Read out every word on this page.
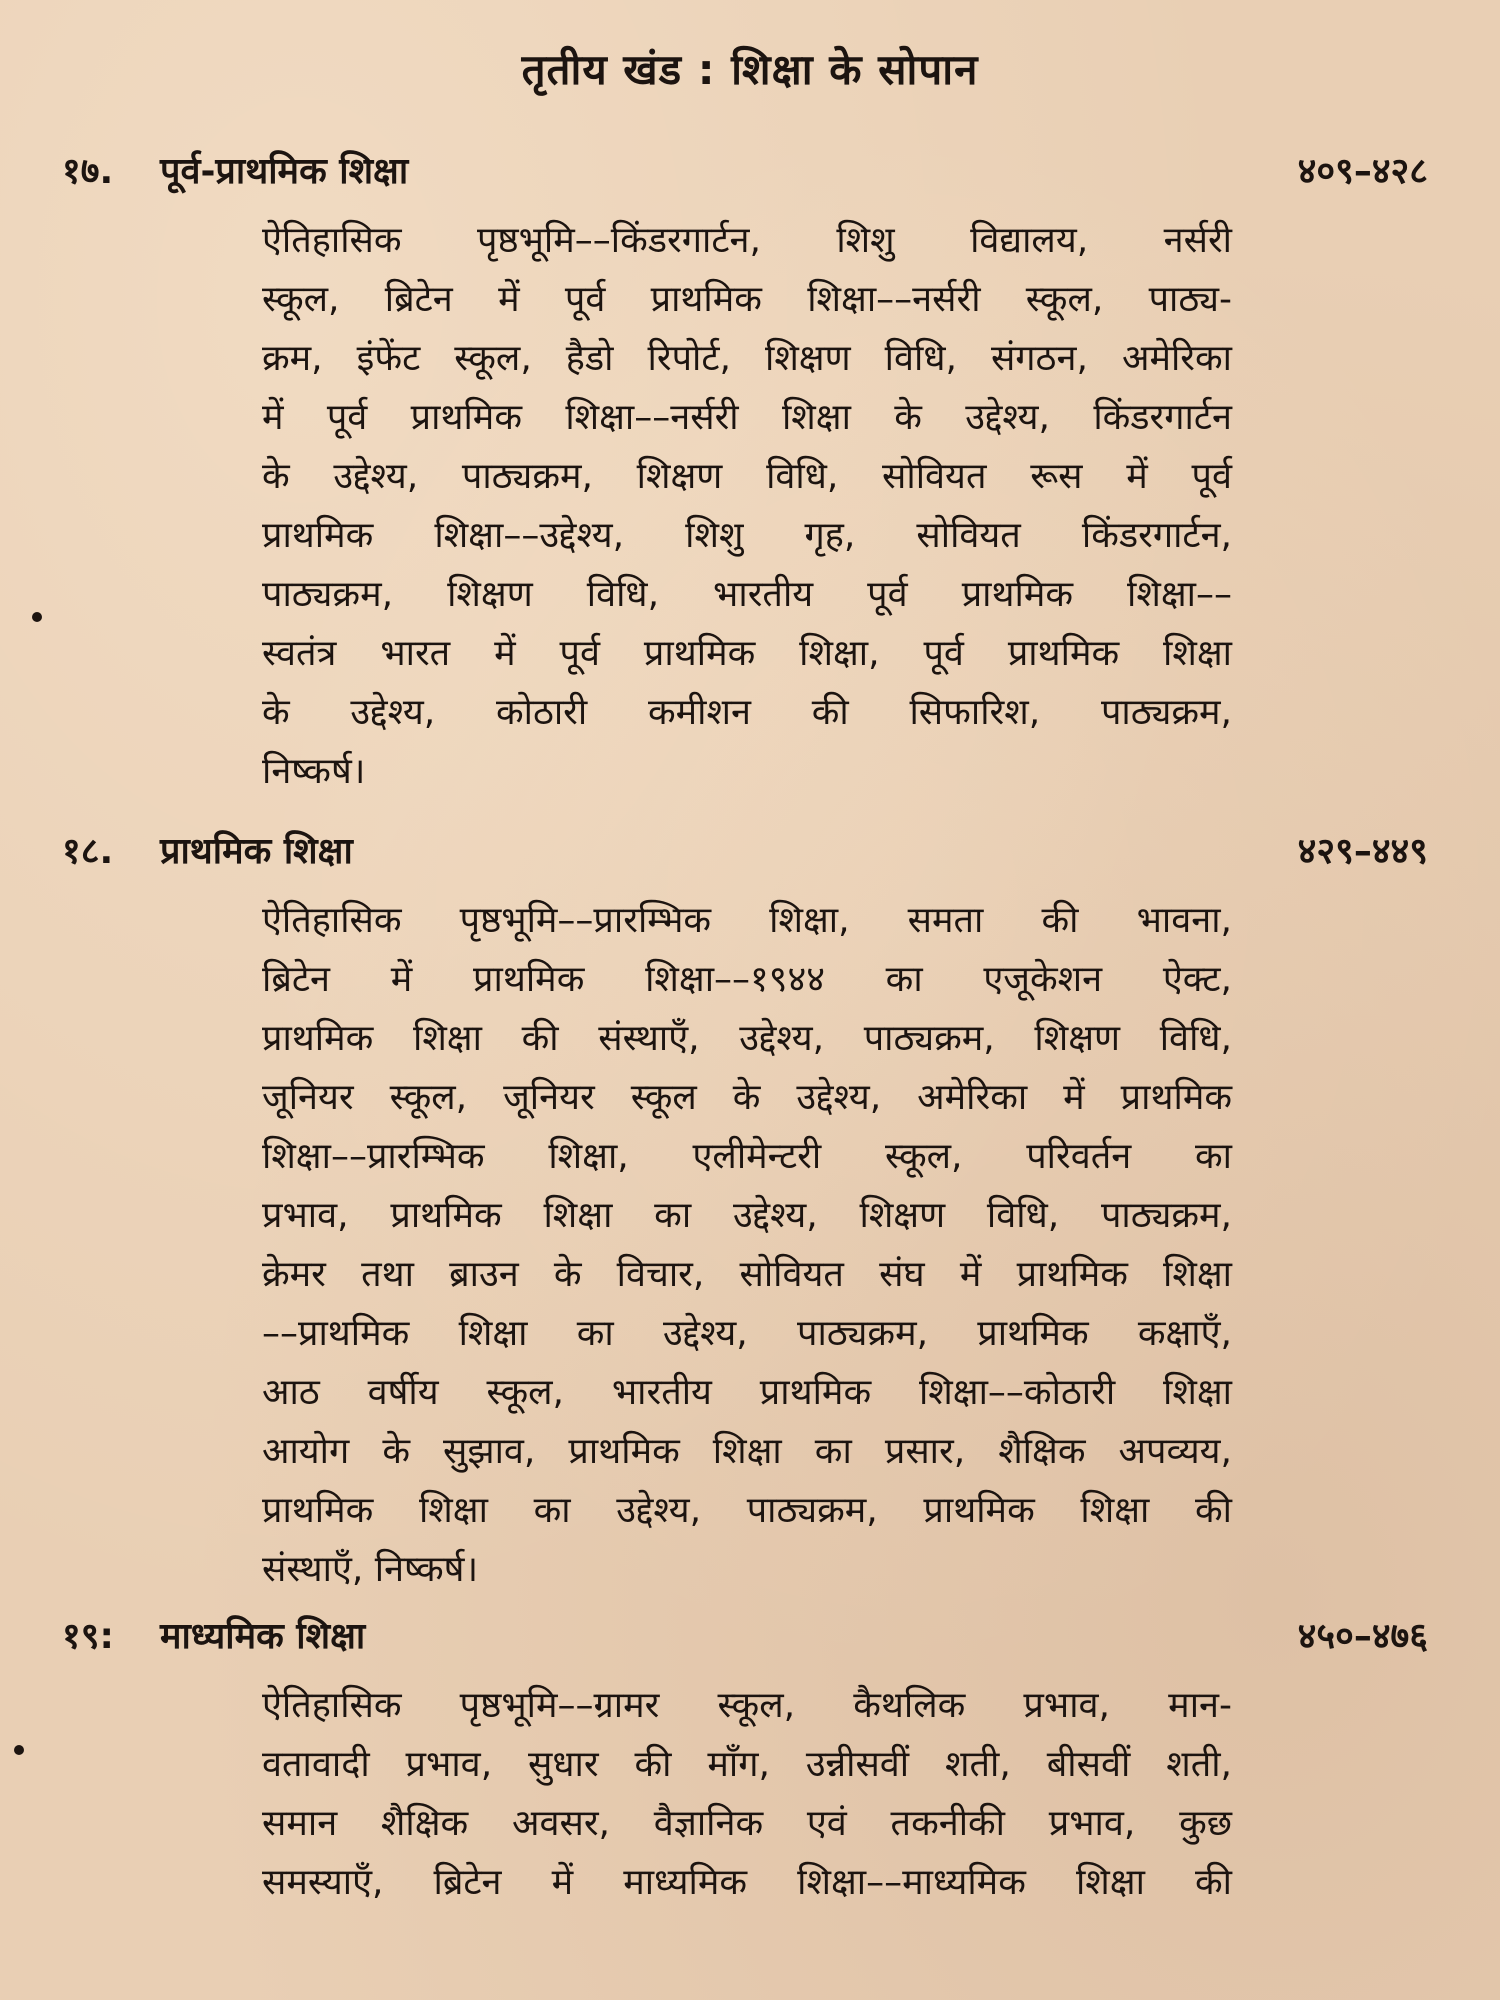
तृतीय खंड : शिक्षा के सोपान
१७. पूर्व-प्राथमिक शिक्षा	४०९–४२८
ऐतिहासिक पृष्ठभूमि––किंडरगार्टन, शिशु विद्यालय, नर्सरी
स्कूल, ब्रिटेन में पूर्व प्राथमिक शिक्षा––नर्सरी स्कूल, पाठ्य-
क्रम, इंफेंट स्कूल, हैडो रिपोर्ट, शिक्षण विधि, संगठन, अमेरिका
में पूर्व प्राथमिक शिक्षा––नर्सरी शिक्षा के उद्देश्य, किंडरगार्टन
के उद्देश्य, पाठ्यक्रम, शिक्षण विधि, सोवियत रूस में पूर्व
प्राथमिक शिक्षा––उद्देश्य, शिशु गृह, सोवियत किंडरगार्टन,
पाठ्यक्रम, शिक्षण विधि, भारतीय पूर्व प्राथमिक शिक्षा––
स्वतंत्र भारत में पूर्व प्राथमिक शिक्षा, पूर्व प्राथमिक शिक्षा
के उद्देश्य, कोठारी कमीशन की सिफारिश, पाठ्यक्रम,
निष्कर्ष।
१८. प्राथमिक शिक्षा	४२९–४४९
ऐतिहासिक पृष्ठभूमि––प्रारम्भिक शिक्षा, समता की भावना,
ब्रिटेन में प्राथमिक शिक्षा––१९४४ का एजूकेशन ऐक्ट,
प्राथमिक शिक्षा की संस्थाएँ, उद्देश्य, पाठ्यक्रम, शिक्षण विधि,
जूनियर स्कूल, जूनियर स्कूल के उद्देश्य, अमेरिका में प्राथमिक
शिक्षा––प्रारम्भिक शिक्षा, एलीमेन्टरी स्कूल, परिवर्तन का
प्रभाव, प्राथमिक शिक्षा का उद्देश्य, शिक्षण विधि, पाठ्यक्रम,
क्रेमर तथा ब्राउन के विचार, सोवियत संघ में प्राथमिक शिक्षा
––प्राथमिक शिक्षा का उद्देश्य, पाठ्यक्रम, प्राथमिक कक्षाएँ,
आठ वर्षीय स्कूल, भारतीय प्राथमिक शिक्षा––कोठारी शिक्षा
आयोग के सुझाव, प्राथमिक शिक्षा का प्रसार, शैक्षिक अपव्यय,
प्राथमिक शिक्षा का उद्देश्य, पाठ्यक्रम, प्राथमिक शिक्षा की
संस्थाएँ, निष्कर्ष।
१९: माध्यमिक शिक्षा	४५०–४७६
ऐतिहासिक पृष्ठभूमि––ग्रामर स्कूल, कैथलिक प्रभाव, मान-
वतावादी प्रभाव, सुधार की माँग, उन्नीसवीं शती, बीसवीं शती,
समान शैक्षिक अवसर, वैज्ञानिक एवं तकनीकी प्रभाव, कुछ
समस्याएँ, ब्रिटेन में माध्यमिक शिक्षा––माध्यमिक शिक्षा की
